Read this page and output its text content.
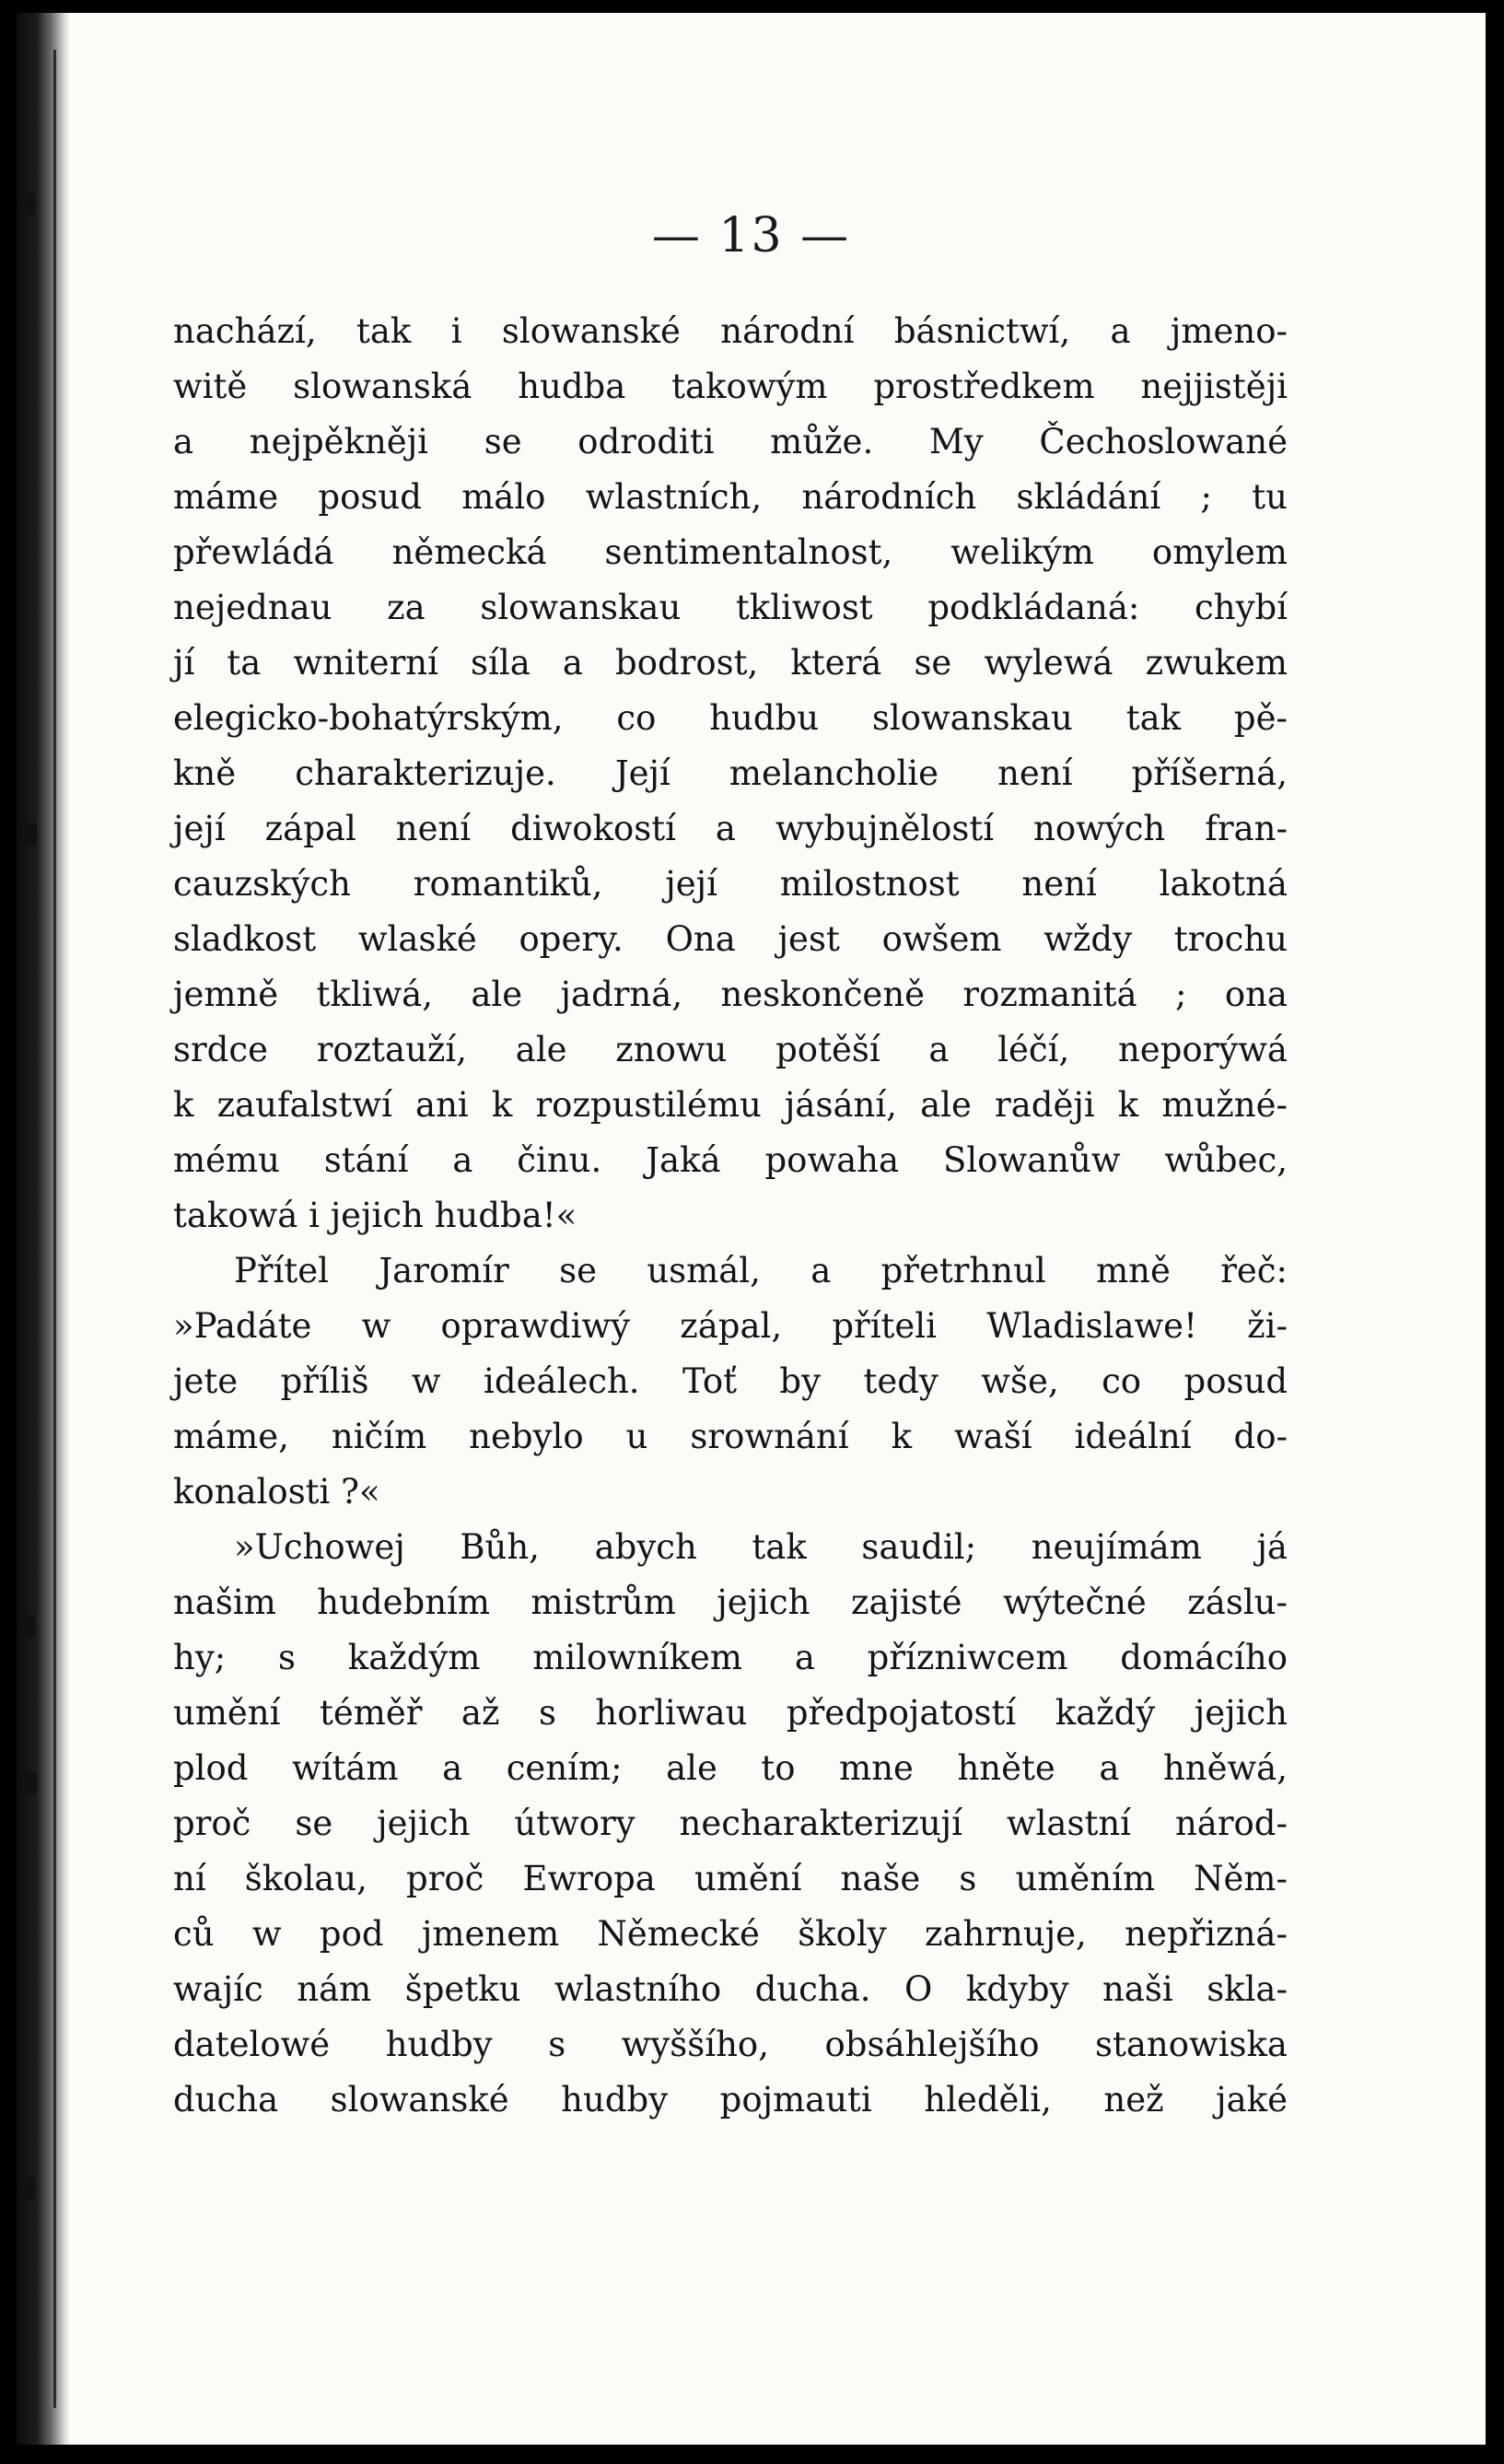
— 13 —
nachází, tak i slowanské národní básnictwí, a jmeno-
witě slowanská hudba takowým prostředkem nejjistěji
a nejpěkněji se odroditi může. My Čechoslowané
máme posud málo wlastních, národních skládání ; tu
přewládá německá sentimentalnost, welikým omylem
nejednau za slowanskau tkliwost podkládaná: chybí
jí ta wniterní síla a bodrost, která se wylewá zwukem
elegicko-bohatýrským, co hudbu slowanskau tak pě-
kně charakterizuje. Její melancholie není příšerná,
její zápal není diwokostí a wybujnělostí nowých fran-
cauzských romantiků, její milostnost není lakotná
sladkost wlaské opery. Ona jest owšem wždy trochu
jemně tkliwá, ale jadrná, neskončeně rozmanitá ; ona
srdce roztauží, ale znowu potěší a léčí, neporýwá
k zaufalstwí ani k rozpustilému jásání, ale raději k mužné-
mému stání a činu. Jaká powaha Slowanůw wůbec,
takowá i jejich hudba!«
Přítel Jaromír se usmál, a přetrhnul mně řeč:
»Padáte w oprawdiwý zápal, příteli Wladislawe! ži-
jete příliš w ideálech. Toť by tedy wše, co posud
máme, ničím nebylo u srownání k waší ideální do-
konalosti ?«
»Uchowej Bůh, abych tak saudil; neujímám já
našim hudebním mistrům jejich zajisté wýtečné záslu-
hy; s každým milowníkem a přízniwcem domácího
umění téměř až s horliwau předpojatostí každý jejich
plod wítám a cením; ale to mne hněte a hněwá,
proč se jejich útwory necharakterizují wlastní národ-
ní školau, proč Ewropa umění naše s uměním Něm-
ců w pod jmenem Německé školy zahrnuje, nepřizná-
wajíc nám špetku wlastního ducha. O kdyby naši skla-
datelowé hudby s wyššího, obsáhlejšího stanowiska
ducha slowanské hudby pojmauti hleděli, než jaké
